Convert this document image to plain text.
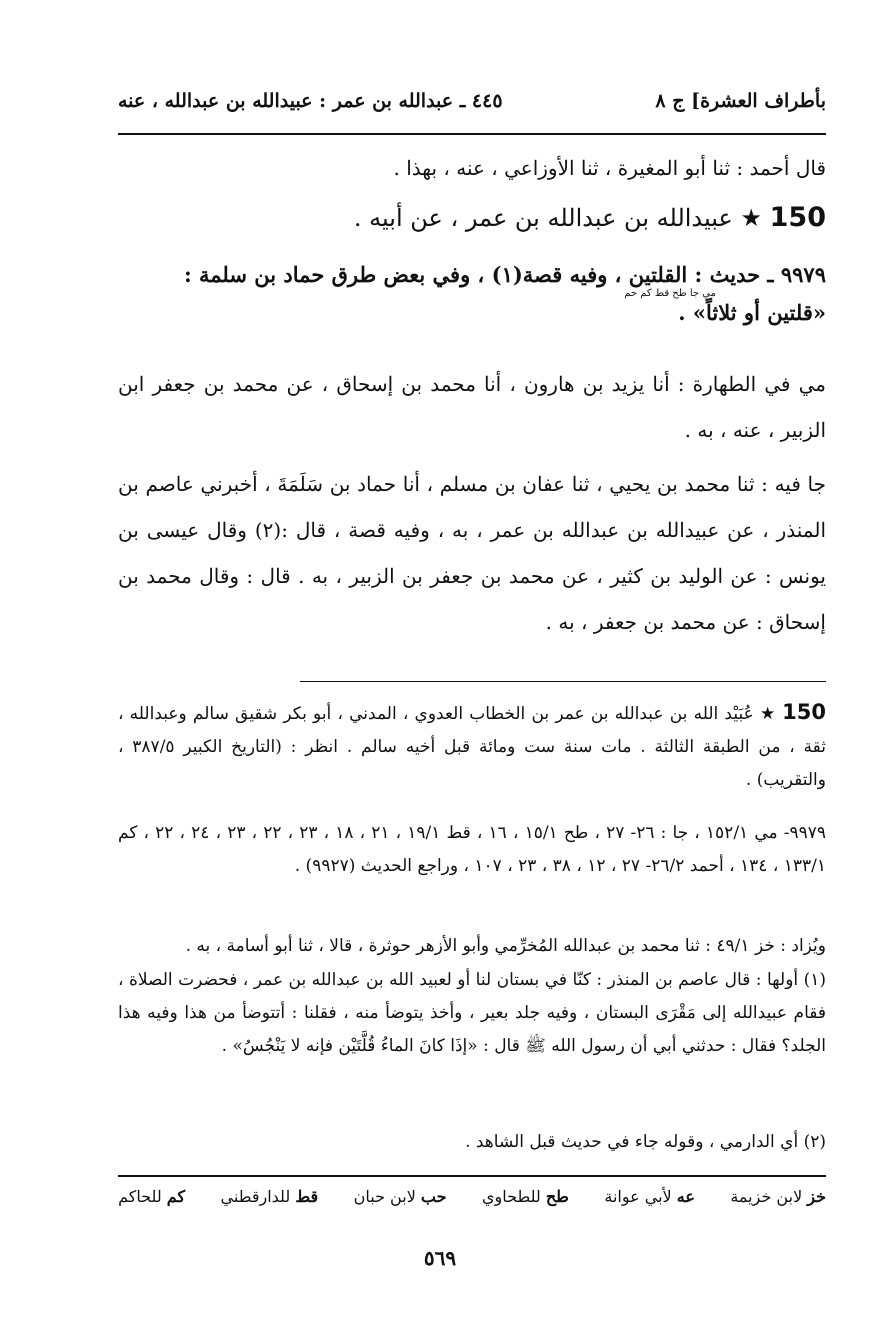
بأطراف العشرة] ج ٨
٤٤٥ ـ عبدالله بن عمر : عبيدالله بن عبدالله ، عنه

قال أحمد : ثنا أبو المغيرة ، ثنا الأوزاعي ، عنه ، بهذا .

150 ★ عبيدالله بن عبدالله بن عمر ، عن أبيه .
٩٩٧٩ ـ حديث : القلتين ، وفيه قصة(١) ، وفي بعض طرق حماد بن سلمة :
مي جا طح قط كم حم
«قلتين أو ثلاثاً» .

مي في الطهارة : أنا يزيد بن هارون ، أنا محمد بن إسحاق ، عن محمد بن جعفر ابن الزبير ، عنه ، به .

جا فيه : ثنا محمد بن يحيي ، ثنا عفان بن مسلم ، أنا حماد بن سَلَمَةَ ، أخبرني عاصم بن المنذر ، عن عبيدالله بن عبدالله بن عمر ، به ، وفيه قصة ، قال :(٢) وقال عيسى بن يونس : عن الوليد بن كثير ، عن محمد بن جعفر بن الزبير ، به . قال : وقال محمد بن إسحاق : عن محمد بن جعفر ، به .

150 ★ عُبَيْد الله بن عبدالله بن عمر بن الخطاب العدوي ، المدني ، أبو بكر شقيق سالم وعبدالله ، ثقة ، من الطبقة الثالثة . مات سنة ست ومائة قبل أخيه سالم . انظر : (التاريخ الكبير ٣٨٧/٥ ، والتقريب) .

٩٩٧٩- مي ١٥٢/١ ، جا : ٢٦- ٢٧ ، طح ١٥/١ ، ١٦ ، قط ١٩/١ ، ٢١ ، ١٨ ، ٢٣ ، ٢٢ ، ٢٣ ، ٢٤ ، ٢٢ ، كم ١٣٣/١ ، ١٣٤ ، أحمد ٢٦/٢- ٢٧ ، ١٢ ، ٣٨ ، ٢٣ ، ١٠٧ ، وراجع الحديث (٩٩٢٧) .

ويُزاد : خز ٤٩/١ : ثنا محمد بن عبدالله المُخرِّمي وأبو الأزهر حوثرة ، قالا ، ثنا أبو أسامة ، به .

(١) أولها : قال عاصم بن المنذر : كنّا في بستان لنا أو لعبيد الله بن عبدالله بن عمر ، فحضرت الصلاة ، فقام عبيدالله إلى مَقْرَى البستان ، وفيه جلد بعير ، وأخذ يتوضأ منه ، فقلنا : أتتوضأ من هذا وفيه هذا الجلد؟ فقال : حدثني أبي أن رسول الله ﷺ قال : «إذَا كانَ الماءُ قُلَّتَيْن فإنه لا يَنْجُسُ» .

(٢) أي الدارمي ، وقوله جاء في حديث قبل الشاهد .

خز لابن خزيمة
عه لأبي عوانة
طح للطحاوي
حب لابن حبان
قط للدارقطني
كم للحاكم
٥٦٩
